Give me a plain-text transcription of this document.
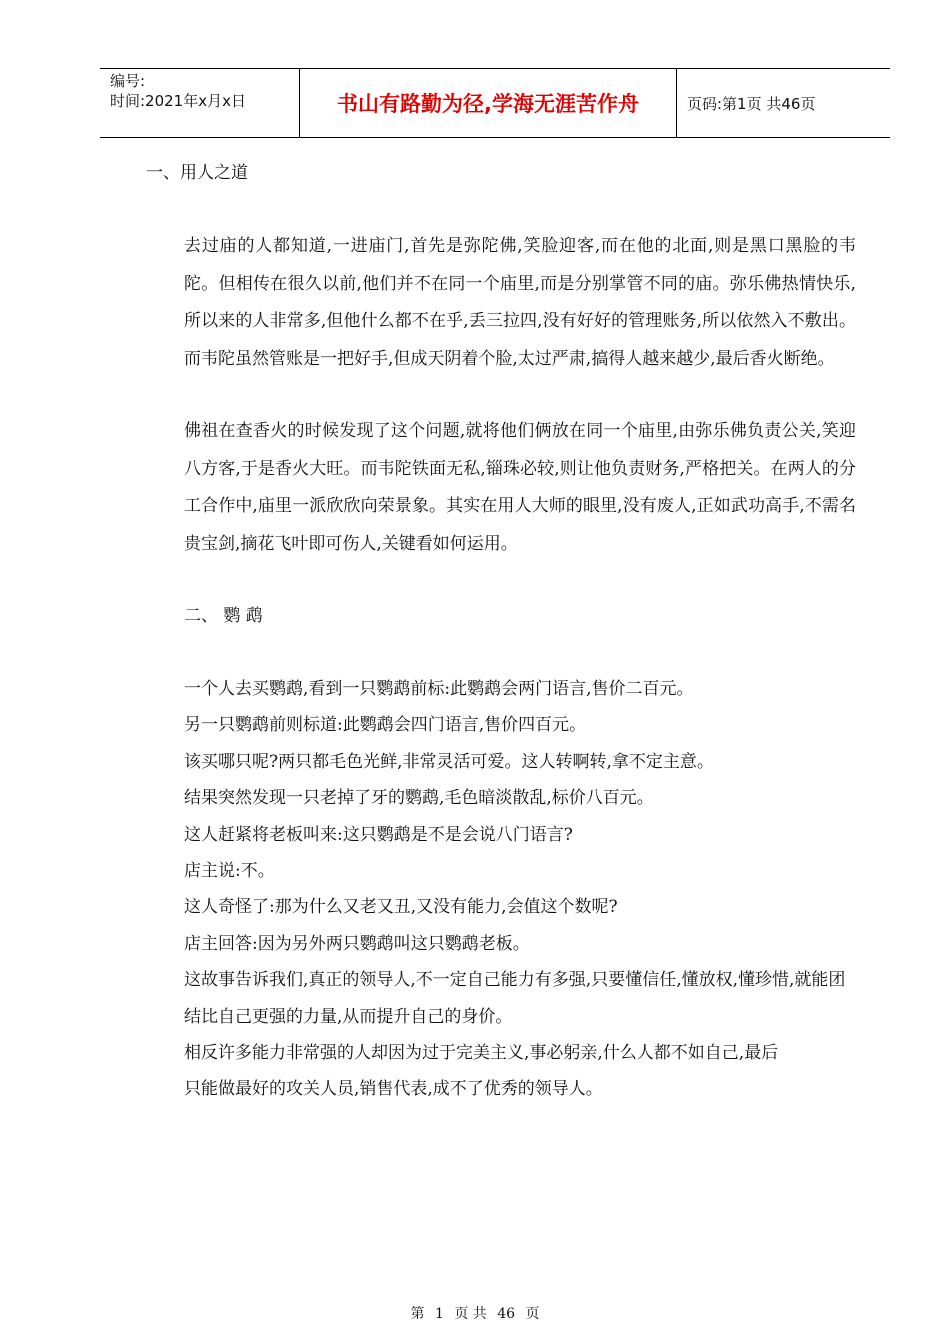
编号:
时间:2021年x月x日	书山有路勤为径,学海无涯苦作舟	页码:第1页 共46页

一、用人之道

去过庙的人都知道,一进庙门,首先是弥陀佛,笑脸迎客,而在他的北面,则是黑口黑脸的韦陀。但相传在很久以前,他们并不在同一个庙里,而是分别掌管不同的庙。弥乐佛热情快乐,所以来的人非常多,但他什么都不在乎,丢三拉四,没有好好的管理账务,所以依然入不敷出。而韦陀虽然管账是一把好手,但成天阴着个脸,太过严肃,搞得人越来越少,最后香火断绝。

佛祖在查香火的时候发现了这个问题,就将他们俩放在同一个庙里,由弥乐佛负责公关,笑迎八方客,于是香火大旺。而韦陀铁面无私,锱珠必较,则让他负责财务,严格把关。在两人的分工合作中,庙里一派欣欣向荣景象。其实在用人大师的眼里,没有废人,正如武功高手,不需名贵宝剑,摘花飞叶即可伤人,关键看如何运用。

二、 鹦 鹉

一个人去买鹦鹉,看到一只鹦鹉前标:此鹦鹉会两门语言,售价二百元。

另一只鹦鹉前则标道:此鹦鹉会四门语言,售价四百元。

该买哪只呢?两只都毛色光鲜,非常灵活可爱。这人转啊转,拿不定主意。

结果突然发现一只老掉了牙的鹦鹉,毛色暗淡散乱,标价八百元。

这人赶紧将老板叫来:这只鹦鹉是不是会说八门语言?

店主说:不。

这人奇怪了:那为什么又老又丑,又没有能力,会值这个数呢?

店主回答:因为另外两只鹦鹉叫这只鹦鹉老板。

这故事告诉我们,真正的领导人,不一定自己能力有多强,只要懂信任,懂放权,懂珍惜,就能团结比自己更强的力量,从而提升自己的身价。

相反许多能力非常强的人却因为过于完美主义,事必躬亲,什么人都不如自己,最后

只能做最好的攻关人员,销售代表,成不了优秀的领导人。

第 1 页 共 46 页
